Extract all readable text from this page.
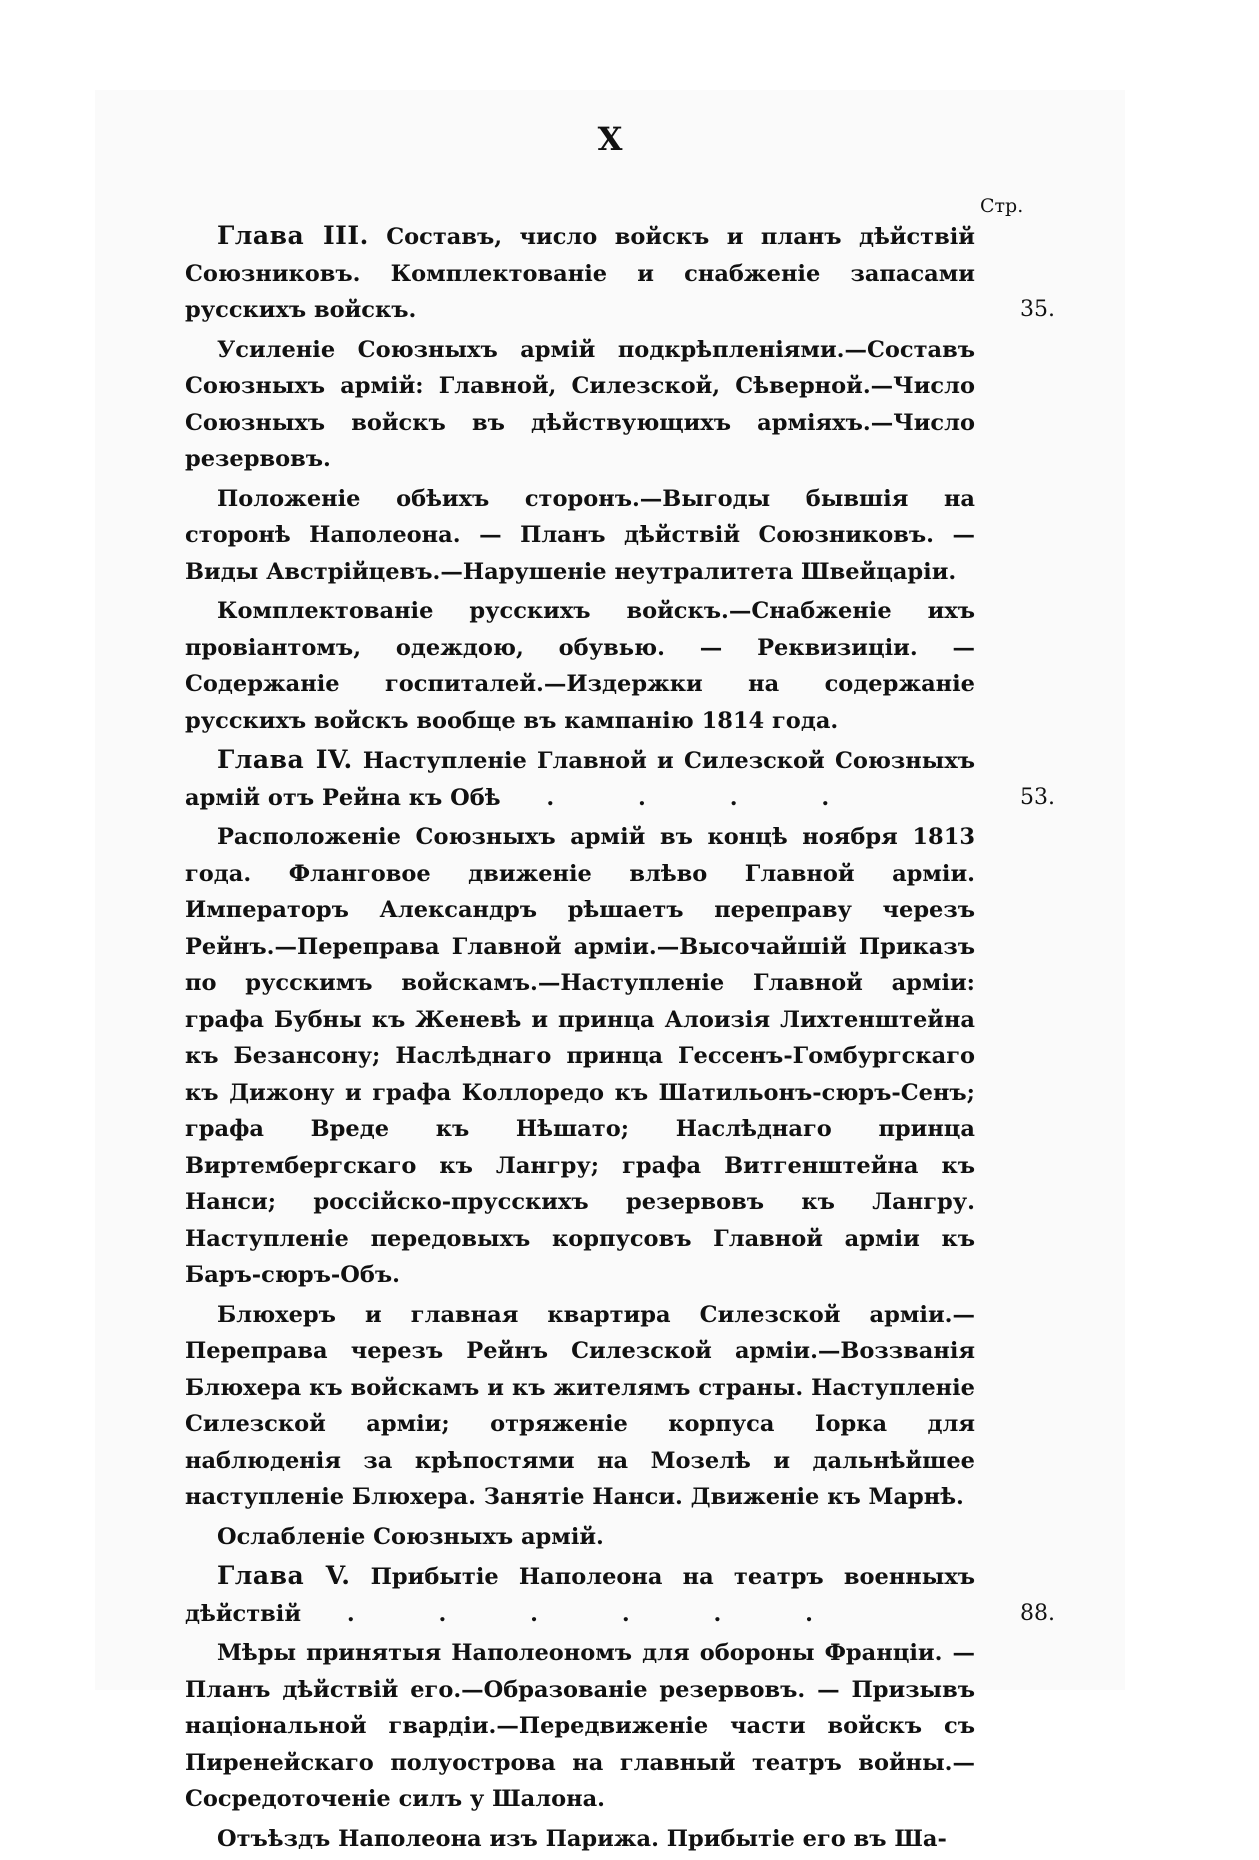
X
Стр.

Глава III. Составъ, число войскъ и планъ дѣйствій Союзниковъ. Комплектованіе и снабженіе запасами русскихъ войскъ.	35.

Усиленіе Союзныхъ армій подкрѣпленіями.—Составъ Союзныхъ армій: Главной, Силезской, Сѣверной.—Число Союзныхъ войскъ въ дѣйствующихъ арміяхъ.—Число резервовъ.

Положеніе обѣихъ сторонъ.—Выгоды бывшія на сторонѣ Наполеона. — Планъ дѣйствій Союзниковъ. — Виды Австрійцевъ.—Нарушеніе неутралитета Швейцаріи.

Комплектованіе русскихъ войскъ.—Снабженіе ихъ провіантомъ, одеждою, обувью. — Реквизиціи. — Содержаніе госпиталей.—Издержки на содержаніе русскихъ войскъ вообще въ кампанію 1814 года.

Глава IV. Наступленіе Главной и Силезской Союзныхъ армій отъ Рейна къ Обѣ . . . .	53.

Расположеніе Союзныхъ армій въ концѣ ноября 1813 года. Фланговое движеніе влѣво Главной арміи. Императоръ Александръ рѣшаетъ переправу черезъ Рейнъ.—Переправа Главной арміи.—Высочайшій Приказъ по русскимъ войскамъ.—Наступленіе Главной арміи: графа Бубны къ Женевѣ и принца Алоизія Лихтенштейна къ Безансону; Наслѣднаго принца Гессенъ-Гомбургскаго къ Дижону и графа Коллоредо къ Шатильонъ-сюръ-Сенъ; графа Вреде къ Нѣшато; Наслѣднаго принца Виртембергскаго къ Лангру; графа Витгенштейна къ Нанси; россійско-прусскихъ резервовъ къ Лангру. Наступленіе передовыхъ корпусовъ Главной арміи къ Баръ-сюръ-Объ.

Блюхеръ и главная квартира Силезской арміи.—Переправа черезъ Рейнъ Силезской арміи.—Воззванія Блюхера къ войскамъ и къ жителямъ страны. Наступленіе Силезской арміи; отряженіе корпуса Іорка для наблюденія за крѣпостями на Мозелѣ и дальнѣйшее наступленіе Блюхера. Занятіе Нанси. Движеніе къ Марнѣ.

Ослабленіе Союзныхъ армій.

Глава V. Прибытіе Наполеона на театръ военныхъ дѣйствій . . . . . .	88.

Мѣры принятыя Наполеономъ для обороны Франціи. — Планъ дѣйствій его.—Образованіе резервовъ. — Призывъ національной гвардіи.—Передвиженіе части войскъ съ Пиренейскаго полуострова на главный театръ войны.—Сосредоточеніе силъ у Шалона.

Отъѣздъ Наполеона изъ Парижа. Прибытіе его въ Ша-
